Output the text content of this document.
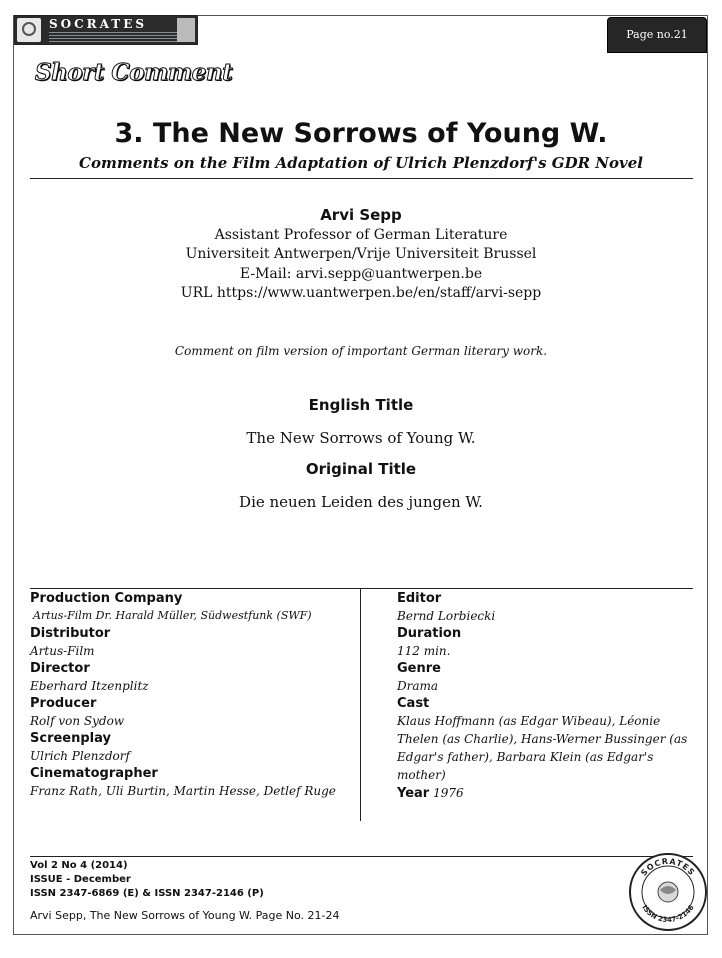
SOCRATES
Page no.21
Short Comment
3. The New Sorrows of Young W.
Comments on the Film Adaptation of Ulrich Plenzdorf's GDR Novel
Arvi Sepp
Assistant Professor of German Literature
Universiteit Antwerpen/Vrije Universiteit Brussel
E-Mail: arvi.sepp@uantwerpen.be
URL https://www.uantwerpen.be/en/staff/arvi-sepp
Comment on film version of important German literary work.
English Title
The New Sorrows of Young W.
Original Title
Die neuen Leiden des jungen W.
Production Company
Artus-Film Dr. Harald Müller, Südwestfunk (SWF)
Distributor
Artus-Film
Director
Eberhard Itzenplitz
Producer
Rolf von Sydow
Screenplay
Ulrich Plenzdorf
Cinematographer
Franz Rath, Uli Burtin, Martin Hesse, Detlef Ruge
Editor
Bernd Lorbiecki
Duration
112 min.
Genre
Drama
Cast
Klaus Hoffmann (as Edgar Wibeau), Léonie Thelen (as Charlie), Hans-Werner Bussinger (as Edgar's father), Barbara Klein (as Edgar's mother)
Year 1976
Vol 2 No 4 (2014)
ISSUE - December
ISSN 2347-6869 (E) & ISSN 2347-2146 (P)
Arvi Sepp, The New Sorrows of Young W. Page No. 21-24
SOCRATES
ISSN 2347-2146
